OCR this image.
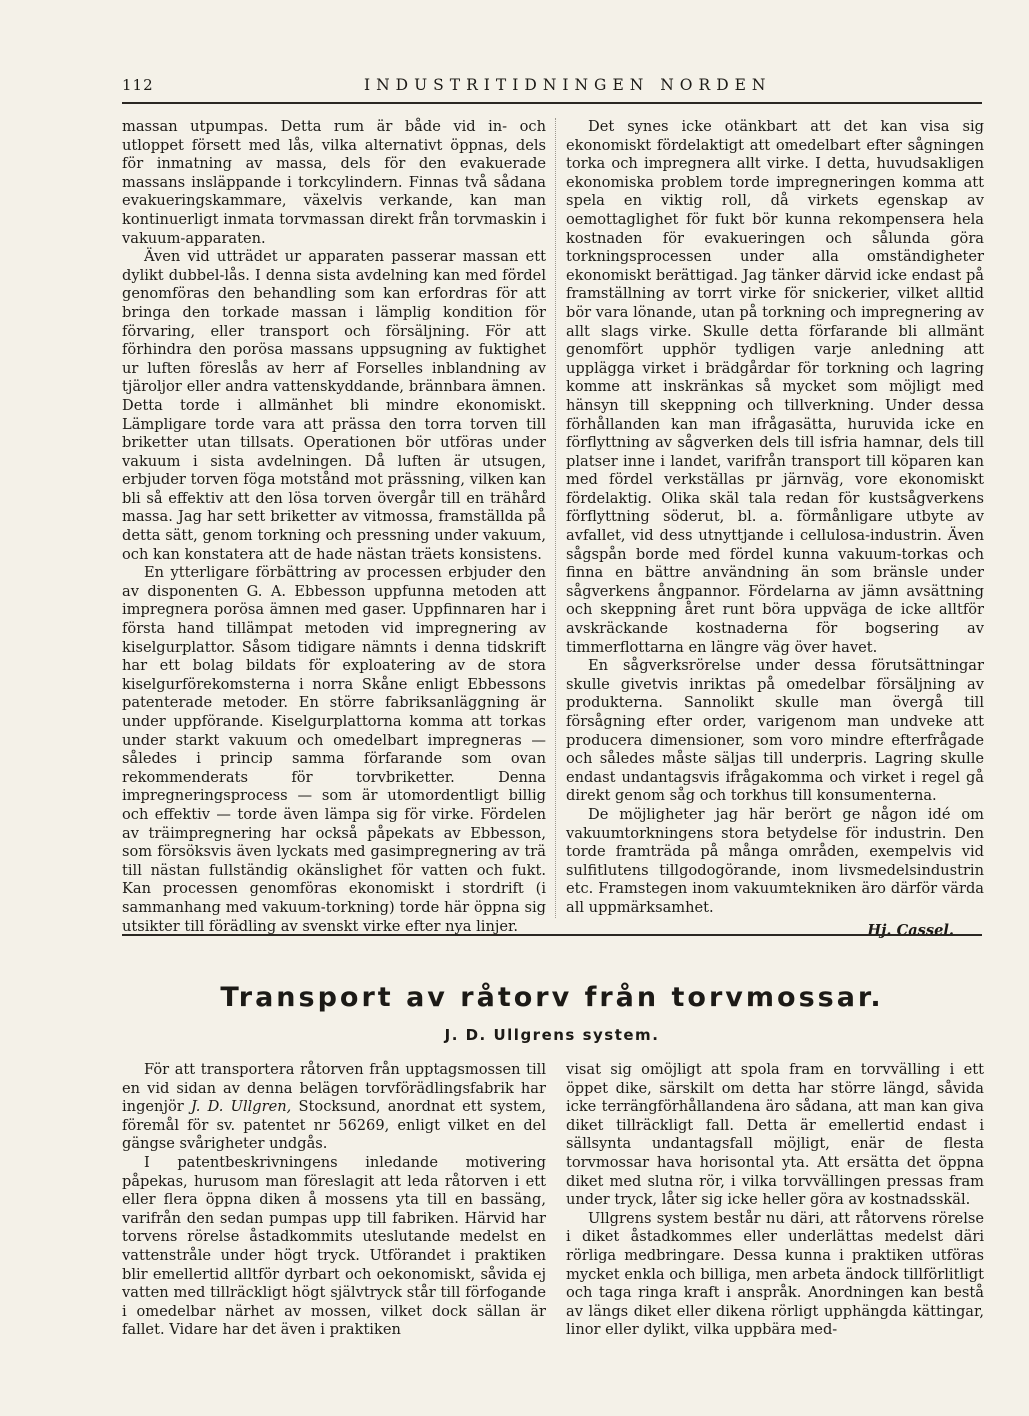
112	INDUSTRITIDNINGEN NORDEN

massan utpumpas. Detta rum är både vid in- och utloppet försett med lås, vilka alternativt öppnas, dels för inmatning av massa, dels för den evakuerade massans insläppande i torkcylindern. Finnas två sådana evakueringskammare, växelvis verkande, kan man kontinuerligt inmata torvmassan direkt från torvmaskin i vakuum-apparaten.

Även vid utträdet ur apparaten passerar massan ett dylikt dubbel-lås. I denna sista avdelning kan med fördel genomföras den behandling som kan erfordras för att bringa den torkade massan i lämplig kondition för förvaring, eller transport och försäljning. För att förhindra den porösa massans uppsugning av fuktighet ur luften föreslås av herr af Forselles inblandning av tjäroljor eller andra vattenskyddande, brännbara ämnen. Detta torde i allmänhet bli mindre ekonomiskt. Lämpligare torde vara att prässa den torra torven till briketter utan tillsats. Operationen bör utföras under vakuum i sista avdelningen. Då luften är utsugen, erbjuder torven föga motstånd mot prässning, vilken kan bli så effektiv att den lösa torven övergår till en trähård massa. Jag har sett briketter av vitmossa, framställda på detta sätt, genom torkning och pressning under vakuum, och kan konstatera att de hade nästan träets konsistens.

En ytterligare förbättring av processen erbjuder den av disponenten G. A. Ebbesson uppfunna metoden att impregnera porösa ämnen med gaser. Uppfinnaren har i första hand tillämpat metoden vid impregnering av kiselgurplattor. Såsom tidigare nämnts i denna tidskrift har ett bolag bildats för exploatering av de stora kiselgurförekomsterna i norra Skåne enligt Ebbessons patenterade metoder. En större fabriksanläggning är under uppförande. Kiselgurplattorna komma att torkas under starkt vakuum och omedelbart impregneras — således i princip samma förfarande som ovan rekommenderats för torvbriketter. Denna impregneringsprocess — som är utomordentligt billig och effektiv — torde även lämpa sig för virke. Fördelen av träimpregnering har också påpekats av Ebbesson, som försöksvis även lyckats med gasimpregnering av trä till nästan fullständig okänslighet för vatten och fukt. Kan processen genomföras ekonomiskt i stordrift (i sammanhang med vakuum-torkning) torde här öppna sig utsikter till förädling av svenskt virke efter nya linjer.

Det synes icke otänkbart att det kan visa sig ekonomiskt fördelaktigt att omedelbart efter sågningen torka och impregnera allt virke. I detta, huvudsakligen ekonomiska problem torde impregneringen komma att spela en viktig roll, då virkets egenskap av oemottaglighet för fukt bör kunna rekompensera hela kostnaden för evakueringen och sålunda göra torkningsprocessen under alla omständigheter ekonomiskt berättigad. Jag tänker därvid icke endast på framställning av torrt virke för snickerier, vilket alltid bör vara lönande, utan på torkning och impregnering av allt slags virke. Skulle detta förfarande bli allmänt genomfört upphör tydligen varje anledning att upplägga virket i brädgårdar för torkning och lagring komme att inskränkas så mycket som möjligt med hänsyn till skeppning och tillverkning. Under dessa förhållanden kan man ifrågasätta, huruvida icke en förflyttning av sågverken dels till isfria hamnar, dels till platser inne i landet, varifrån transport till köparen kan med fördel verkställas pr järnväg, vore ekonomiskt fördelaktig. Olika skäl tala redan för kustsågverkens förflyttning söderut, bl. a. förmånligare utbyte av avfallet, vid dess utnyttjande i cellulosa-industrin. Även sågspån borde med fördel kunna vakuum-torkas och finna en bättre användning än som bränsle under sågverkens ångpannor. Fördelarna av jämn avsättning och skeppning året runt böra uppväga de icke alltför avskräckande kostnaderna för bogsering av timmerflottarna en längre väg över havet.

En sågverksrörelse under dessa förutsättningar skulle givetvis inriktas på omedelbar försäljning av produkterna. Sannolikt skulle man övergå till försågning efter order, varigenom man undveke att producera dimensioner, som voro mindre efterfrågade och således måste säljas till underpris. Lagring skulle endast undantagsvis ifrågakomma och virket i regel gå direkt genom såg och torkhus till konsumenterna.

De möjligheter jag här berört ge någon idé om vakuumtorkningens stora betydelse för industrin. Den torde framträda på många områden, exempelvis vid sulfitlutens tillgodogörande, inom livsmedelsindustrin etc. Framstegen inom vakuumtekniken äro därför värda all uppmärksamhet.

Hj. Cassel.
Transport av råtorv från torvmossar.
J. D. Ullgrens system.

För att transportera råtorven från upptagsmossen till en vid sidan av denna belägen torvförädlingsfabrik har ingenjör J. D. Ullgren, Stocksund, anordnat ett system, föremål för sv. patentet nr 56269, enligt vilket en del gängse svårigheter undgås.

I patentbeskrivningens inledande motivering påpekas, hurusom man föreslagit att leda råtorven i ett eller flera öppna diken å mossens yta till en bassäng, varifrån den sedan pumpas upp till fabriken. Härvid har torvens rörelse åstadkommits uteslutande medelst en vattenstråle under högt tryck. Utförandet i praktiken blir emellertid alltför dyrbart och oekonomiskt, såvida ej vatten med tillräckligt högt självtryck står till förfogande i omedelbar närhet av mossen, vilket dock sällan är fallet. Vidare har det även i praktiken

visat sig omöjligt att spola fram en torvvälling i ett öppet dike, särskilt om detta har större längd, såvida icke terrängförhållandena äro sådana, att man kan giva diket tillräckligt fall. Detta är emellertid endast i sällsynta undantagsfall möjligt, enär de flesta torvmossar hava horisontal yta. Att ersätta det öppna diket med slutna rör, i vilka torvvällingen pressas fram under tryck, låter sig icke heller göra av kostnadsskäl.

Ullgrens system består nu däri, att råtorvens rörelse i diket åstadkommes eller underlättas medelst däri rörliga medbringare. Dessa kunna i praktiken utföras mycket enkla och billiga, men arbeta ändock tillförlitligt och taga ringa kraft i anspråk. Anordningen kan bestå av längs diket eller dikena rörligt upphängda kättingar, linor eller dylikt, vilka uppbära med-
